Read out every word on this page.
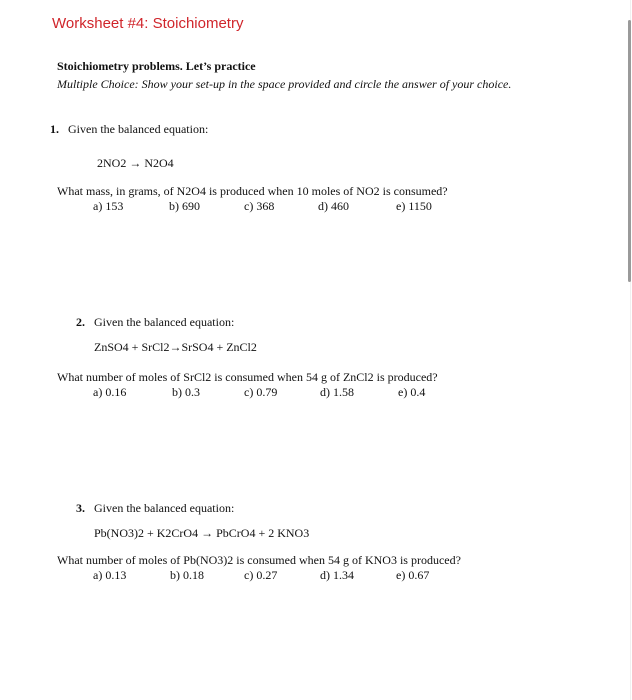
Worksheet #4: Stoichiometry
Stoichiometry problems. Let’s practice
Multiple Choice: Show your set-up in the space provided and circle the answer of your choice.
1. Given the balanced equation:
2NO2 → N2O4
What mass, in grams, of N2O4 is produced when 10 moles of NO2 is consumed?
a) 153	b) 690	c) 368	d) 460	e) 1150
2. Given the balanced equation:
ZnSO4 + SrCl2→SrSO4 + ZnCl2
What number of moles of SrCl2 is consumed when 54 g of ZnCl2 is produced?
a) 0.16	b) 0.3	c) 0.79	d) 1.58	e) 0.4
3. Given the balanced equation:
Pb(NO3)2 + K2CrO4 → PbCrO4 + 2 KNO3
What number of moles of Pb(NO3)2 is consumed when 54 g of KNO3 is produced?
a) 0.13	b) 0.18	c) 0.27	d) 1.34	e) 0.67
